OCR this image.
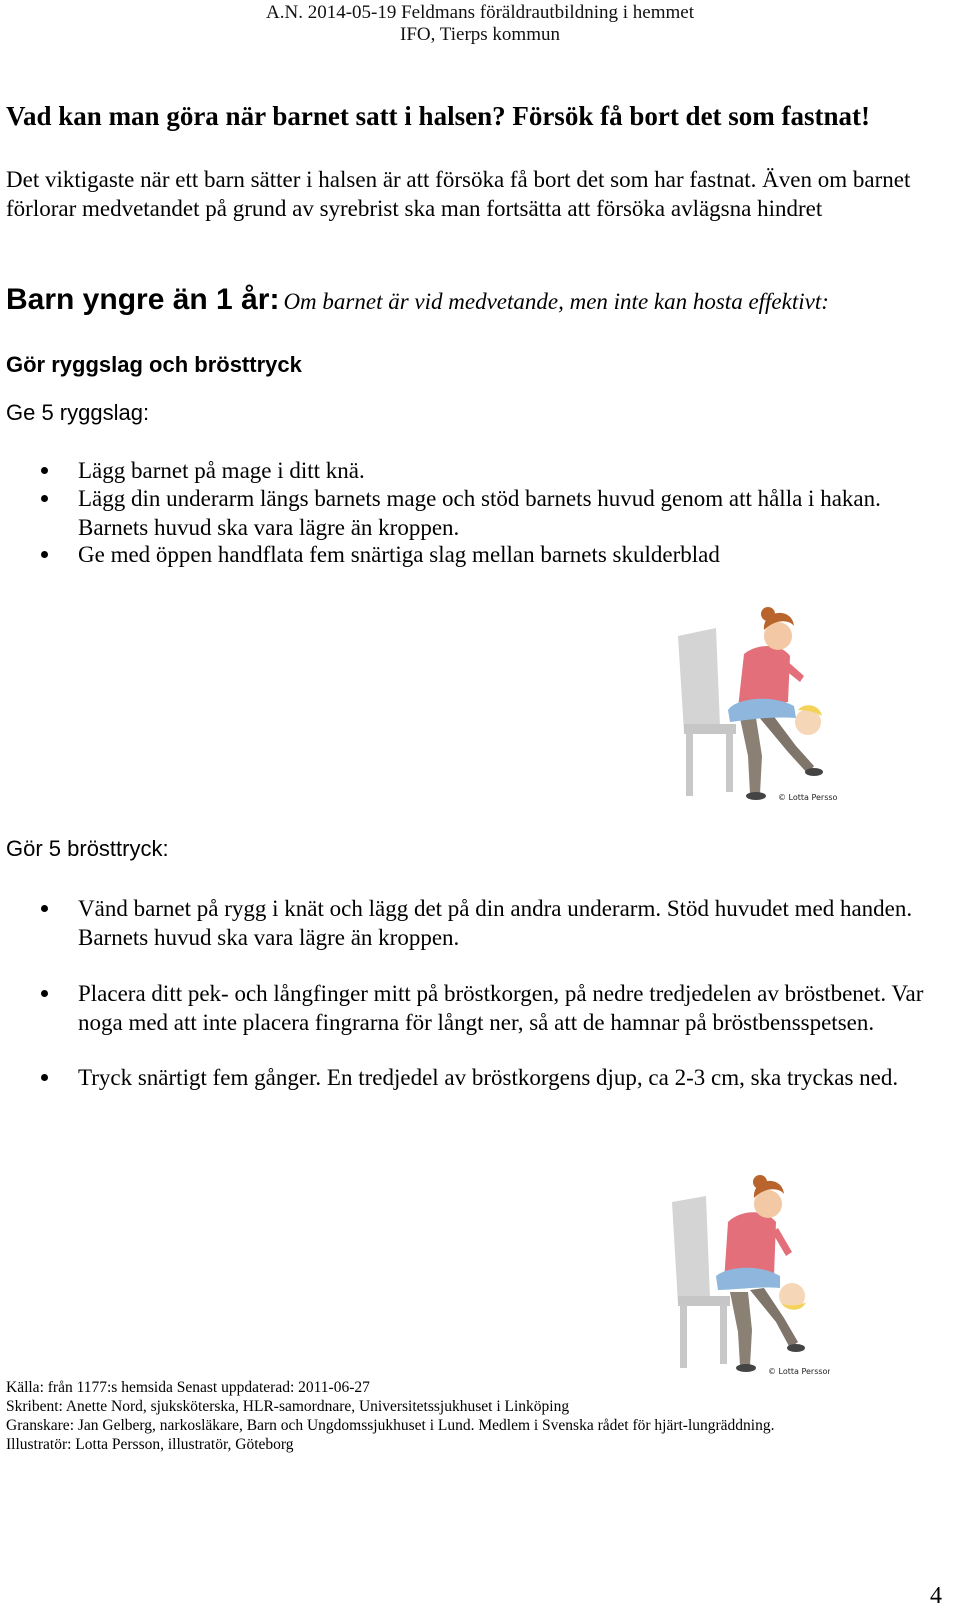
A.N. 2014-05-19 Feldmans föräldrautbildning i hemmet
IFO, Tierps kommun
Vad kan man göra när barnet satt i halsen? Försök få bort det som fastnat!
Det viktigaste när ett barn sätter i halsen är att försöka få bort det som har fastnat. Även om barnet förlorar medvetandet på grund av syrebrist ska man fortsätta att försöka avlägsna hindret
Barn yngre än 1 år: Om barnet är vid medvetande, men inte kan hosta effektivt:
Gör ryggslag och brösttryck
Ge 5 ryggslag:
Lägg barnet på mage i ditt knä.
Lägg din underarm längs barnets mage och stöd barnets huvud genom att hålla i hakan. Barnets huvud ska vara lägre än kroppen.
Ge med öppen handflata fem snärtiga slag mellan barnets skulderblad
© Lotta Persson
Gör 5 brösttryck:
Vänd barnet på rygg i knät och lägg det på din andra underarm. Stöd huvudet med handen. Barnets huvud ska vara lägre än kroppen.
Placera ditt pek- och långfinger mitt på bröstkorgen, på nedre tredjedelen av bröstbenet. Var noga med att inte placera fingrarna för långt ner, så att de hamnar på bröstbensspetsen.
Tryck snärtigt fem gånger. En tredjedel av bröstkorgens djup, ca 2-3 cm, ska tryckas ned.
© Lotta Persson
Källa: från 1177:s hemsida Senast uppdaterad: 2011-06-27
Skribent: Anette Nord, sjuksköterska, HLR-samordnare, Universitetssjukhuset i Linköping
Granskare: Jan Gelberg, narkosläkare, Barn och Ungdomssjukhuset i Lund. Medlem i Svenska rådet för hjärt-lungräddning.
Illustratör: Lotta Persson, illustratör, Göteborg
4
